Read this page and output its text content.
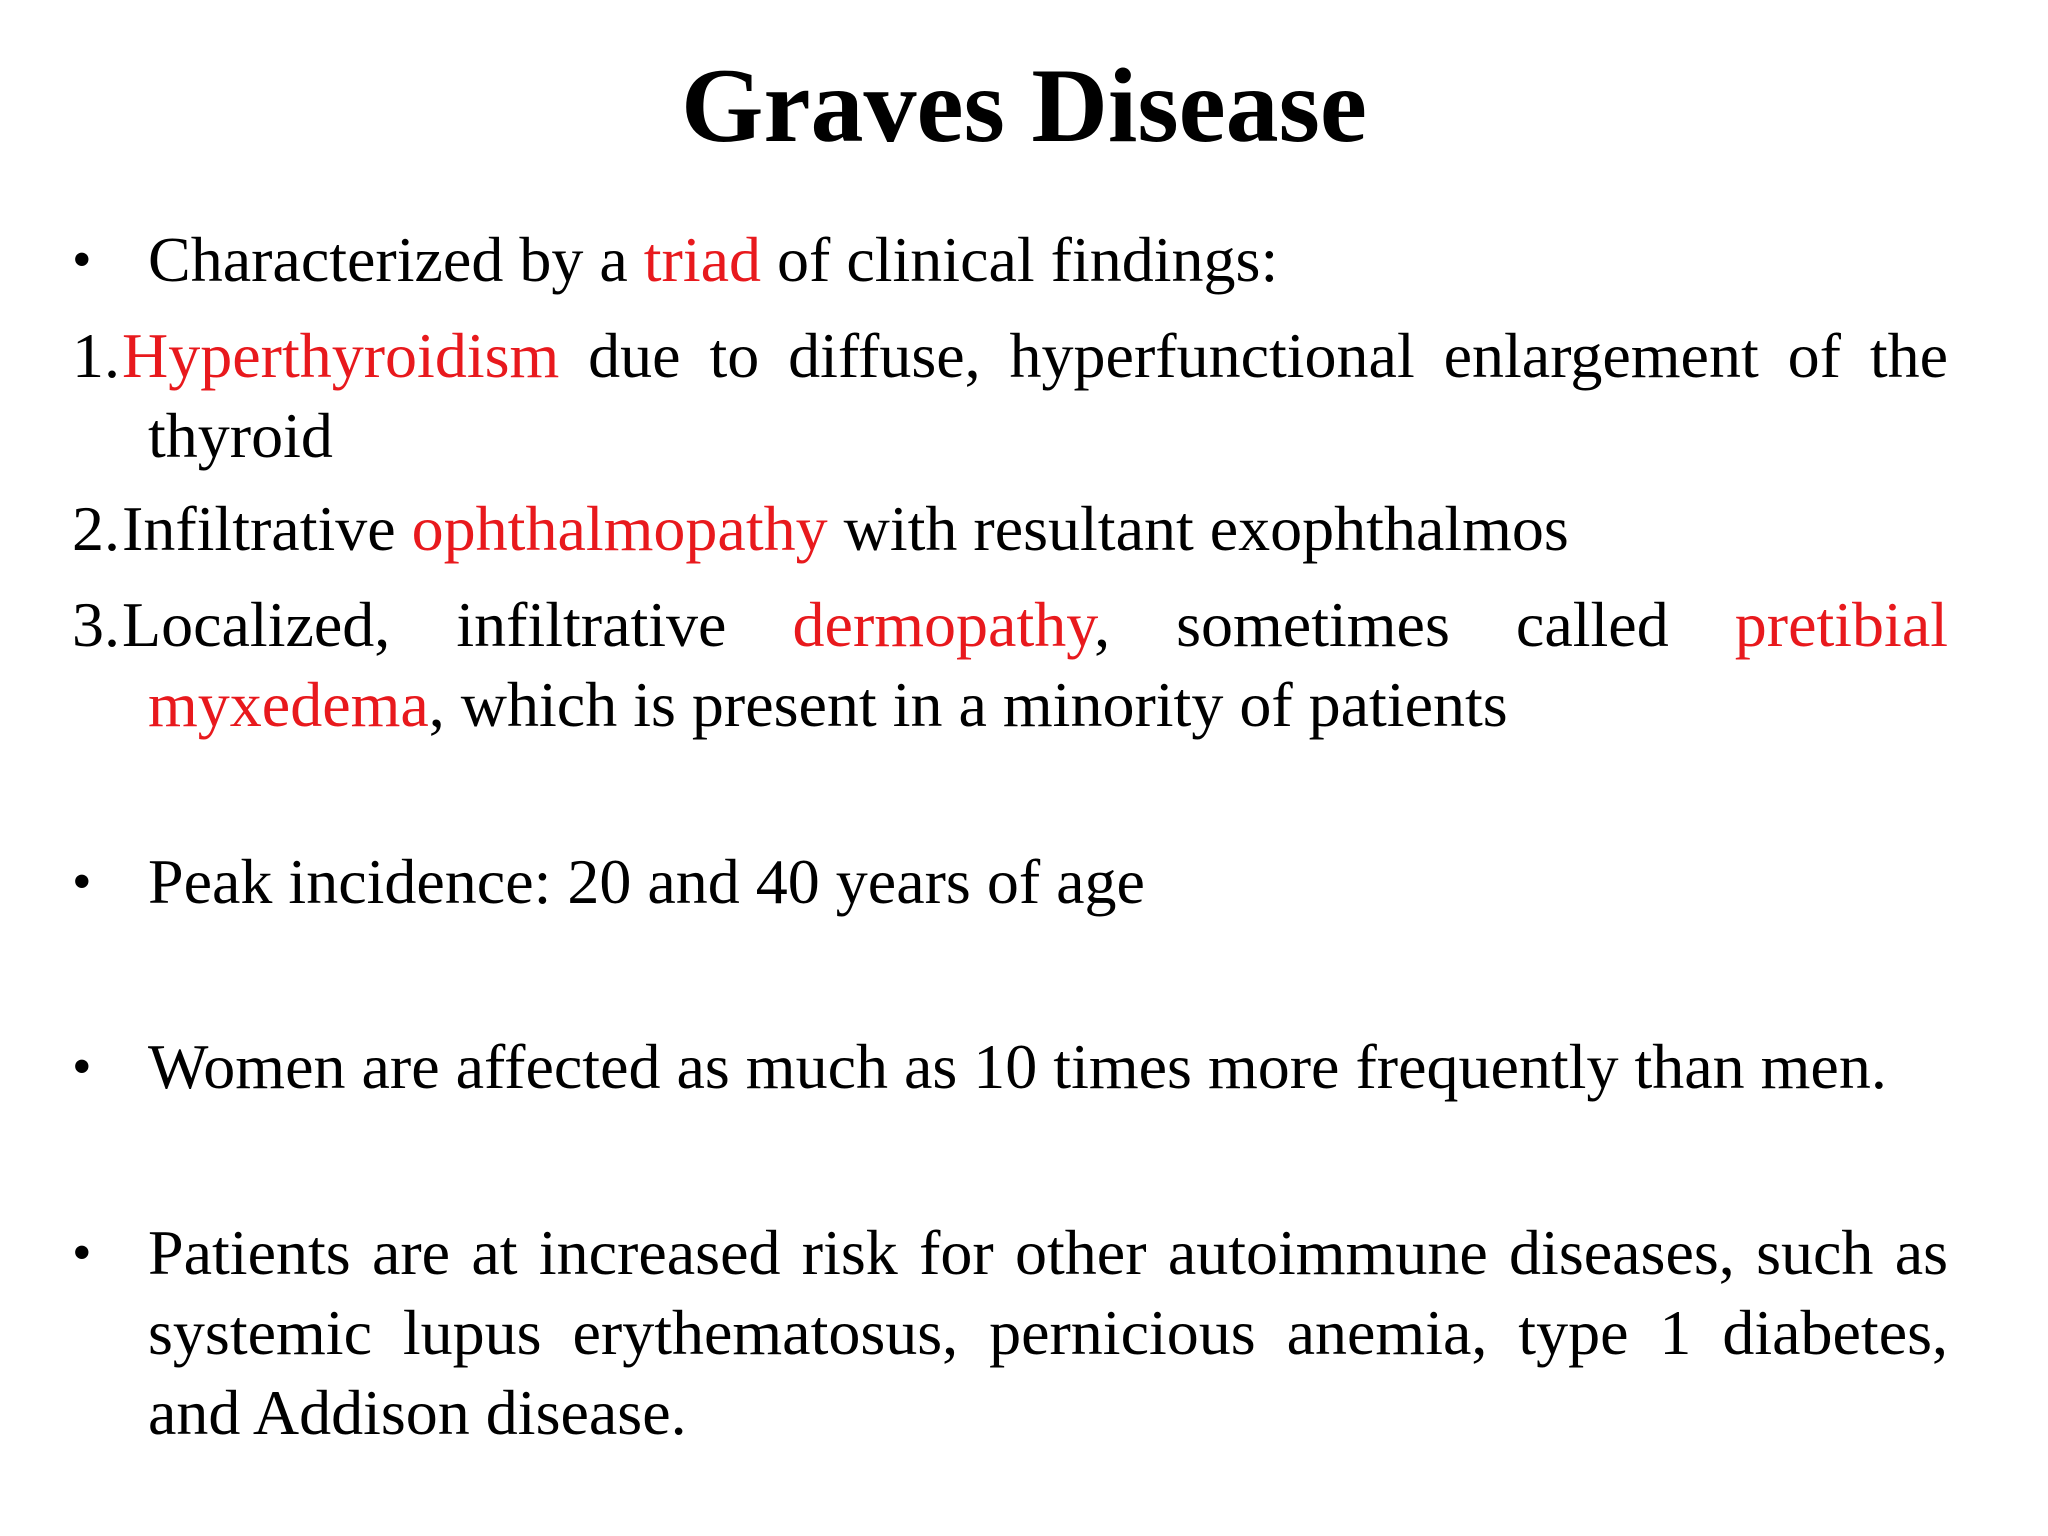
Graves Disease
• Characterized by a triad of clinical findings:
1. Hyperthyroidism due to diffuse, hyperfunctional enlargement of the thyroid
2. Infiltrative ophthalmopathy with resultant exophthalmos
3. Localized, infiltrative dermopathy, sometimes called pretibial myxedema, which is present in a minority of patients
• Peak incidence: 20 and 40 years of age
• Women are affected as much as 10 times more frequently than men.
• Patients are at increased risk for other autoimmune diseases, such as systemic lupus erythematosus, pernicious anemia, type 1 diabetes, and Addison disease.
